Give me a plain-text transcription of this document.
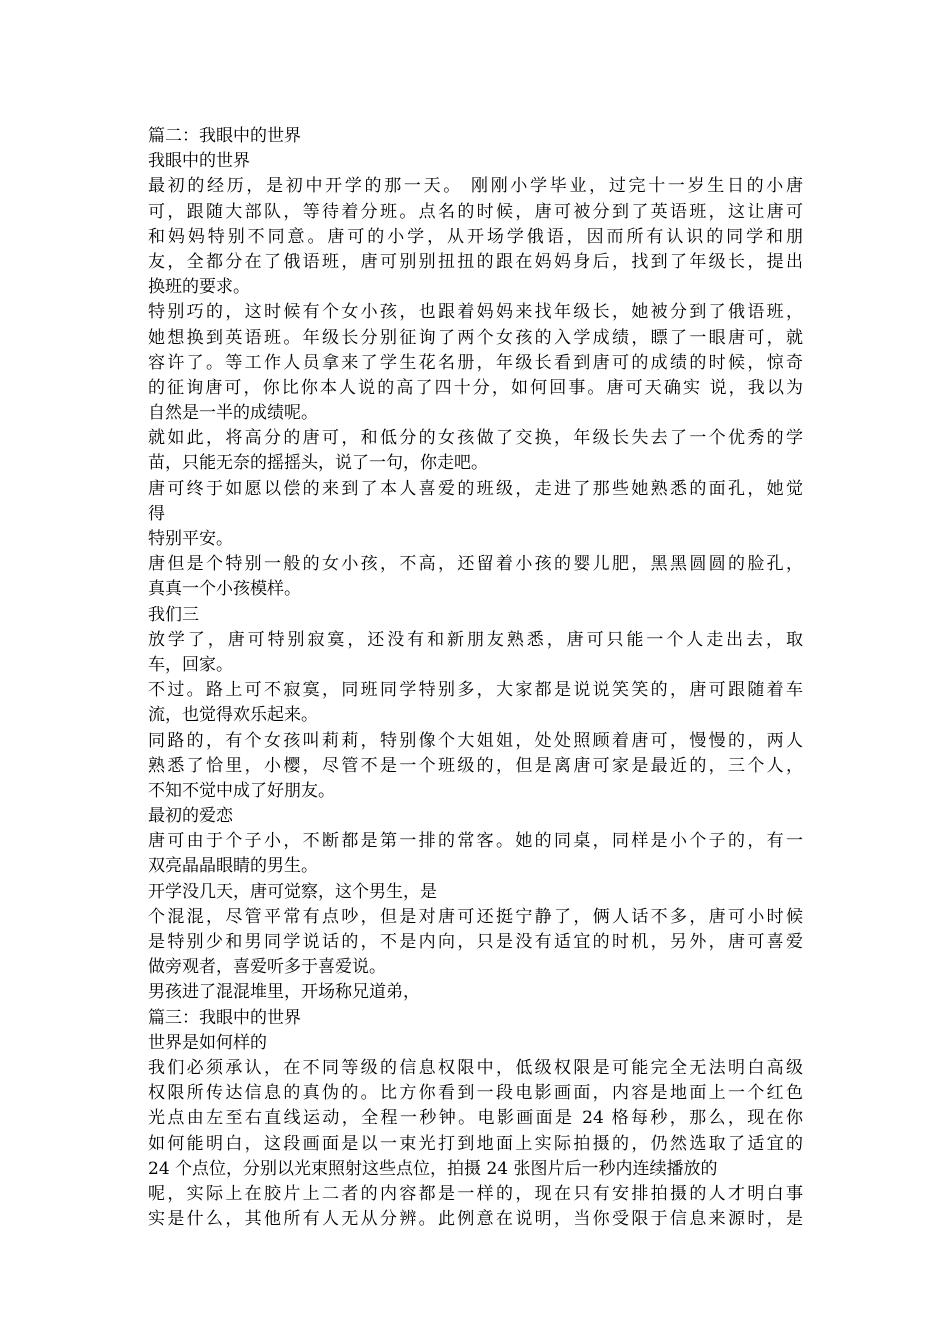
篇二：我眼中的世界

我眼中的世界

最初的经历，是初中开学的那一天。 刚刚小学毕业，过完十一岁生日的小唐

可，跟随大部队，等待着分班。点名的时候，唐可被分到了英语班，这让唐可

和妈妈特别不同意。唐可的小学，从开场学俄语，因而所有认识的同学和朋

友，全都分在了俄语班，唐可别别扭扭的跟在妈妈身后，找到了年级长，提出

换班的要求。

特别巧的，这时候有个女小孩，也跟着妈妈来找年级长，她被分到了俄语班，

她想换到英语班。年级长分别征询了两个女孩的入学成绩，瞟了一眼唐可，就

容许了。等工作人员拿来了学生花名册，年级长看到唐可的成绩的时候，惊奇

的征询唐可，你比你本人说的高了四十分，如何回事。唐可天确实 说，我以为

自然是一半的成绩呢。

就如此，将高分的唐可，和低分的女孩做了交换，年级长失去了一个优秀的学

苗，只能无奈的摇摇头，说了一句，你走吧。

唐可终于如愿以偿的来到了本人喜爱的班级，走进了那些她熟悉的面孔，她觉

得

特别平安。

唐但是个特别一般的女小孩，不高，还留着小孩的婴儿肥，黑黑圆圆的脸孔，

真真一个小孩模样。

我们三

放学了，唐可特别寂寞，还没有和新朋友熟悉，唐可只能一个人走出去，取

车，回家。

不过。路上可不寂寞，同班同学特别多，大家都是说说笑笑的，唐可跟随着车

流，也觉得欢乐起来。

同路的，有个女孩叫莉莉，特别像个大姐姐，处处照顾着唐可，慢慢的，两人

熟悉了恰里，小樱，尽管不是一个班级的，但是离唐可家是最近的，三个人，

不知不觉中成了好朋友。

最初的爱恋

唐可由于个子小，不断都是第一排的常客。她的同桌，同样是小个子的，有一

双亮晶晶眼睛的男生。

开学没几天，唐可觉察，这个男生，是

个混混，尽管平常有点吵，但是对唐可还挺宁静了，俩人话不多，唐可小时候

是特别少和男同学说话的，不是内向，只是没有适宜的时机，另外，唐可喜爱

做旁观者，喜爱听多于喜爱说。

男孩进了混混堆里，开场称兄道弟，

篇三：我眼中的世界

世界是如何样的

我们必须承认，在不同等级的信息权限中，低级权限是可能完全无法明白高级

权限所传达信息的真伪的。比方你看到一段电影画面，内容是地面上一个红色

光点由左至右直线运动，全程一秒钟。电影画面是 24 格每秒，那么，现在你

如何能明白，这段画面是以一束光打到地面上实际拍摄的，仍然选取了适宜的

24 个点位，分别以光束照射这些点位，拍摄 24 张图片后一秒内连续播放的

呢，实际上在胶片上二者的内容都是一样的，现在只有安排拍摄的人才明白事

实是什么，其他所有人无从分辨。此例意在说明，当你受限于信息来源时，是
